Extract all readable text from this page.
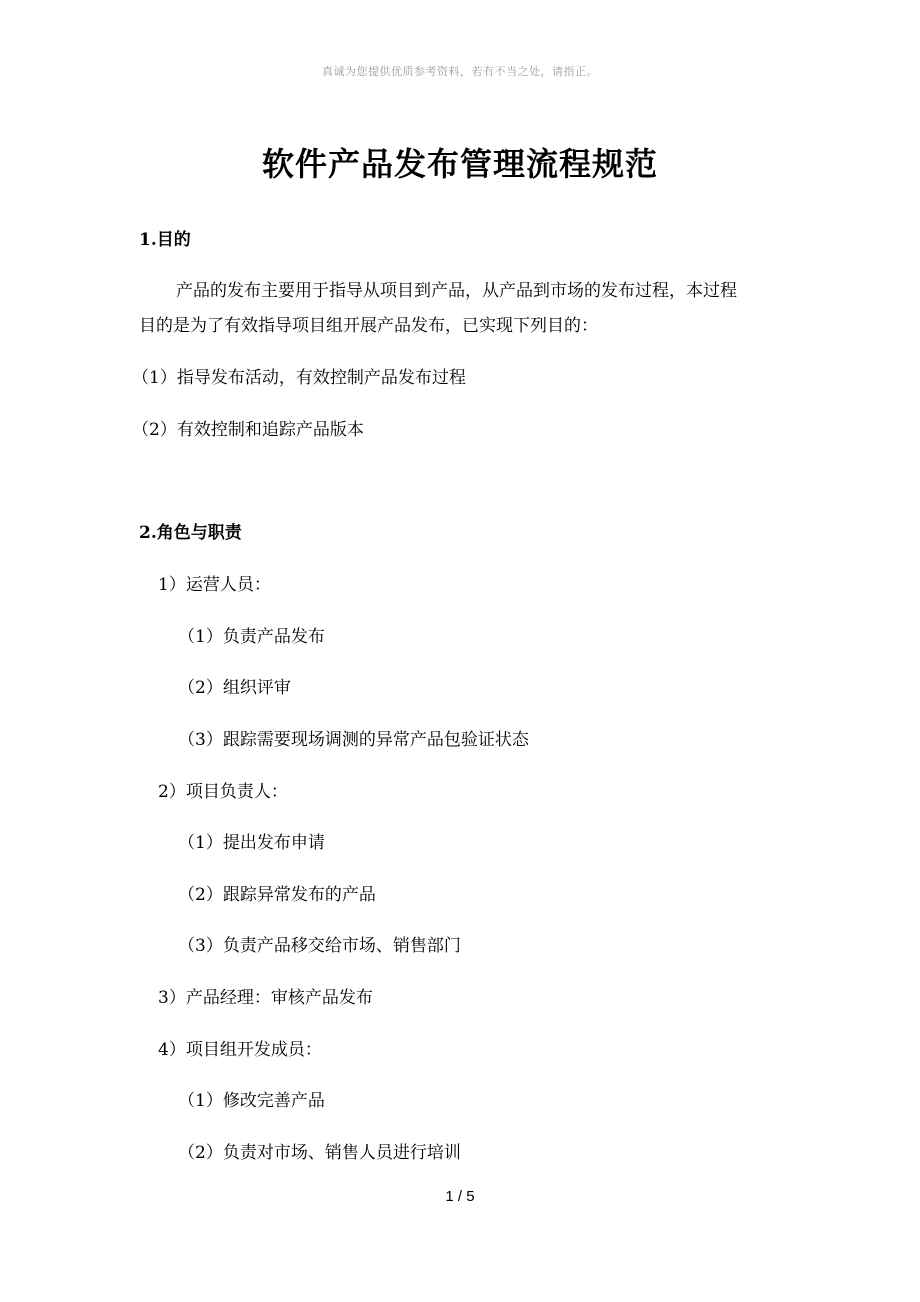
真诚为您提供优质参考资料，若有不当之处，请指正。
软件产品发布管理流程规范
1.目的
产品的发布主要用于指导从项目到产品，从产品到市场的发布过程，本过程
目的是为了有效指导项目组开展产品发布，已实现下列目的：
（1）指导发布活动，有效控制产品发布过程
（2）有效控制和追踪产品版本
2.角色与职责
1）运营人员：
（1）负责产品发布
（2）组织评审
（3）跟踪需要现场调测的异常产品包验证状态
2）项目负责人：
（1）提出发布申请
（2）跟踪异常发布的产品
（3）负责产品移交给市场、销售部门
3）产品经理：审核产品发布
4）项目组开发成员：
（1）修改完善产品
（2）负责对市场、销售人员进行培训
1 / 5
